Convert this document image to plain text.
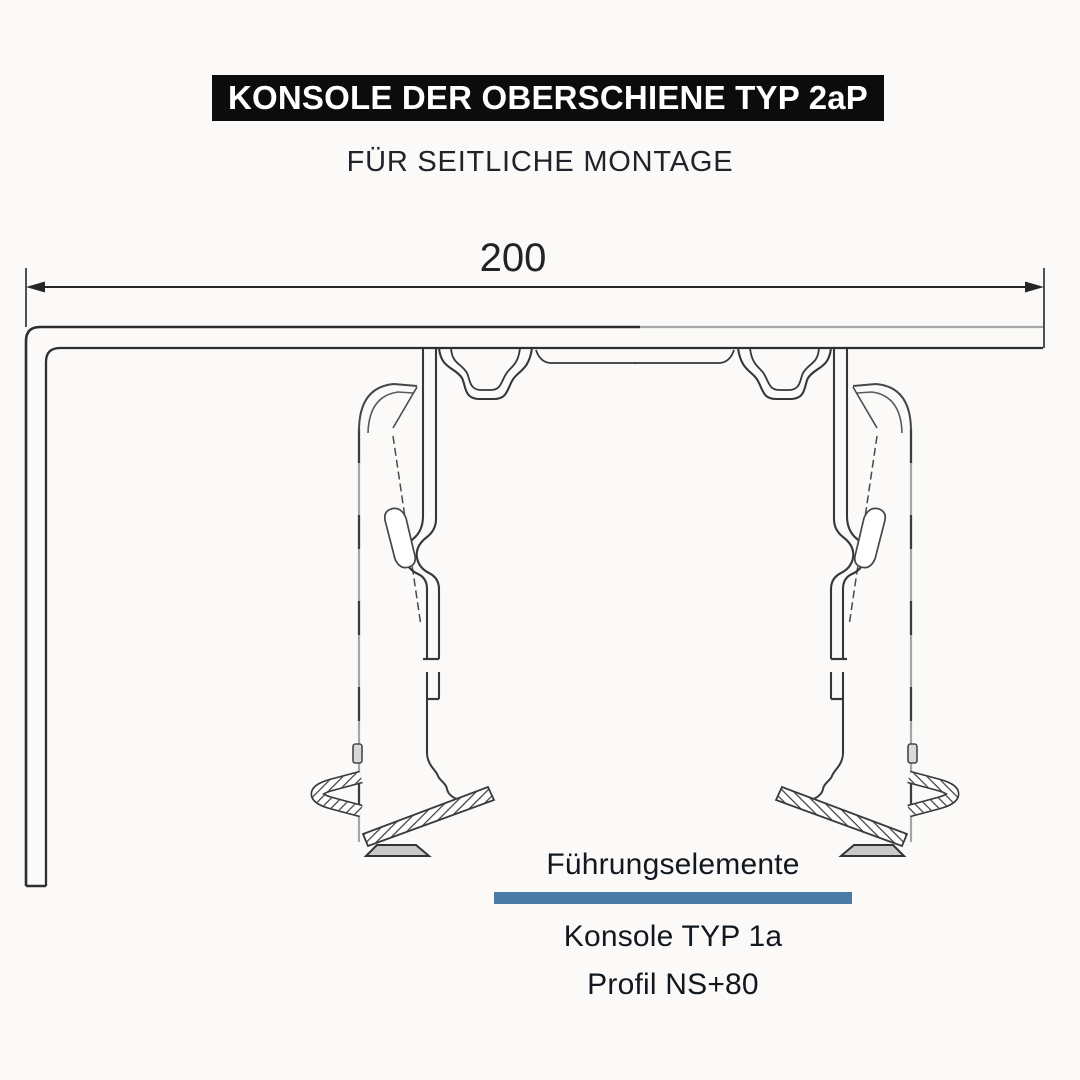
KONSOLE DER OBERSCHIENE TYP 2aP
FÜR SEITLICHE MONTAGE
200
Führungselemente
Konsole TYP 1a
Profil NS+80
